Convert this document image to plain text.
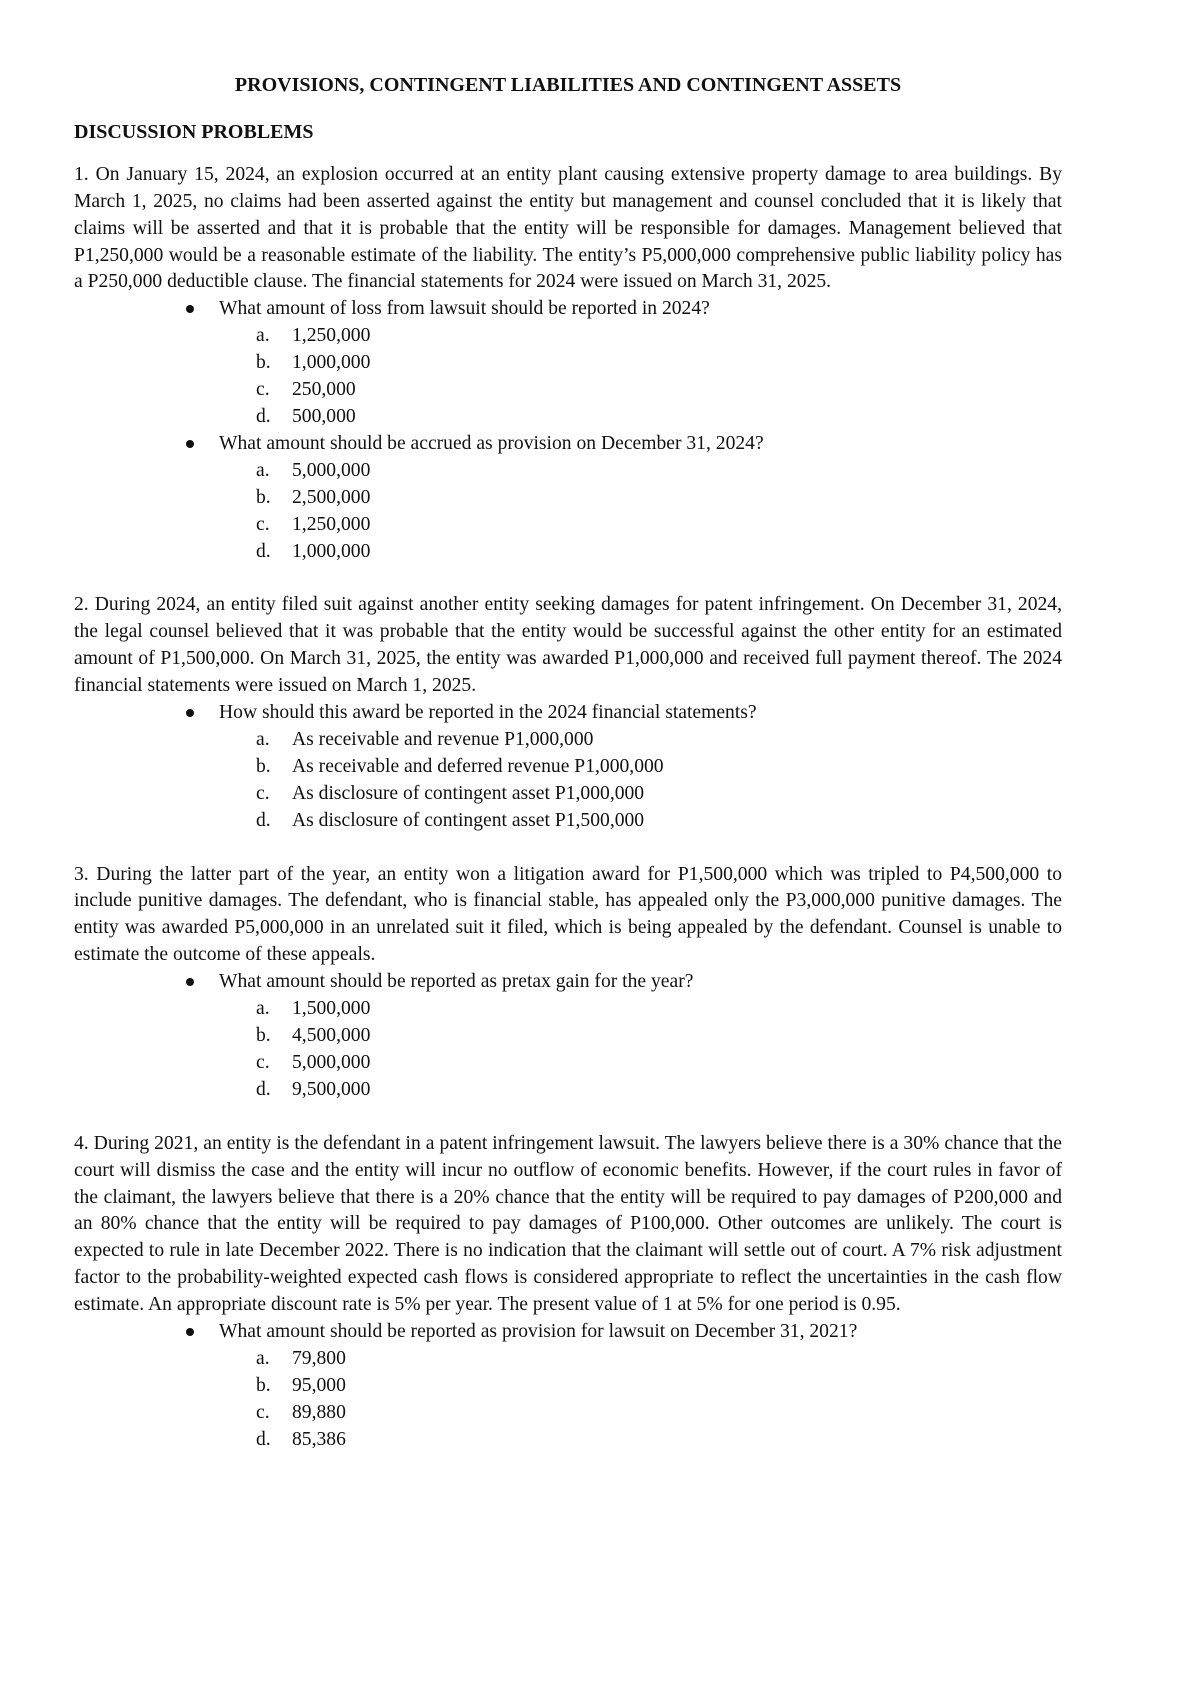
PROVISIONS, CONTINGENT LIABILITIES AND CONTINGENT ASSETS
DISCUSSION PROBLEMS

1. On January 15, 2024, an explosion occurred at an entity plant causing extensive property damage to area buildings. By March 1, 2025, no claims had been asserted against the entity but management and counsel concluded that it is likely that claims will be asserted and that it is probable that the entity will be responsible for damages. Management believed that P1,250,000 would be a reasonable estimate of the liability. The entity’s P5,000,000 comprehensive public liability policy has a P250,000 deductible clause. The financial statements for 2024 were issued on March 31, 2025.

What amount of loss from lawsuit should be reported in 2024?
a. 1,250,000
b. 1,000,000
c. 250,000
d. 500,000
What amount should be accrued as provision on December 31, 2024?
a. 5,000,000
b. 2,500,000
c. 1,250,000
d. 1,000,000

2. During 2024, an entity filed suit against another entity seeking damages for patent infringement. On December 31, 2024, the legal counsel believed that it was probable that the entity would be successful against the other entity for an estimated amount of P1,500,000. On March 31, 2025, the entity was awarded P1,000,000 and received full payment thereof. The 2024 financial statements were issued on March 1, 2025.

How should this award be reported in the 2024 financial statements?
a. As receivable and revenue P1,000,000
b. As receivable and deferred revenue P1,000,000
c. As disclosure of contingent asset P1,000,000
d. As disclosure of contingent asset P1,500,000

3. During the latter part of the year, an entity won a litigation award for P1,500,000 which was tripled to P4,500,000 to include punitive damages. The defendant, who is financial stable, has appealed only the P3,000,000 punitive damages. The entity was awarded P5,000,000 in an unrelated suit it filed, which is being appealed by the defendant. Counsel is unable to estimate the outcome of these appeals.

What amount should be reported as pretax gain for the year?
a. 1,500,000
b. 4,500,000
c. 5,000,000
d. 9,500,000

4. During 2021, an entity is the defendant in a patent infringement lawsuit. The lawyers believe there is a 30% chance that the court will dismiss the case and the entity will incur no outflow of economic benefits. However, if the court rules in favor of the claimant, the lawyers believe that there is a 20% chance that the entity will be required to pay damages of P200,000 and an 80% chance that the entity will be required to pay damages of P100,000. Other outcomes are unlikely. The court is expected to rule in late December 2022. There is no indication that the claimant will settle out of court. A 7% risk adjustment factor to the probability-weighted expected cash flows is considered appropriate to reflect the uncertainties in the cash flow estimate. An appropriate discount rate is 5% per year. The present value of 1 at 5% for one period is 0.95.

What amount should be reported as provision for lawsuit on December 31, 2021?
a. 79,800
b. 95,000
c. 89,880
d. 85,386
